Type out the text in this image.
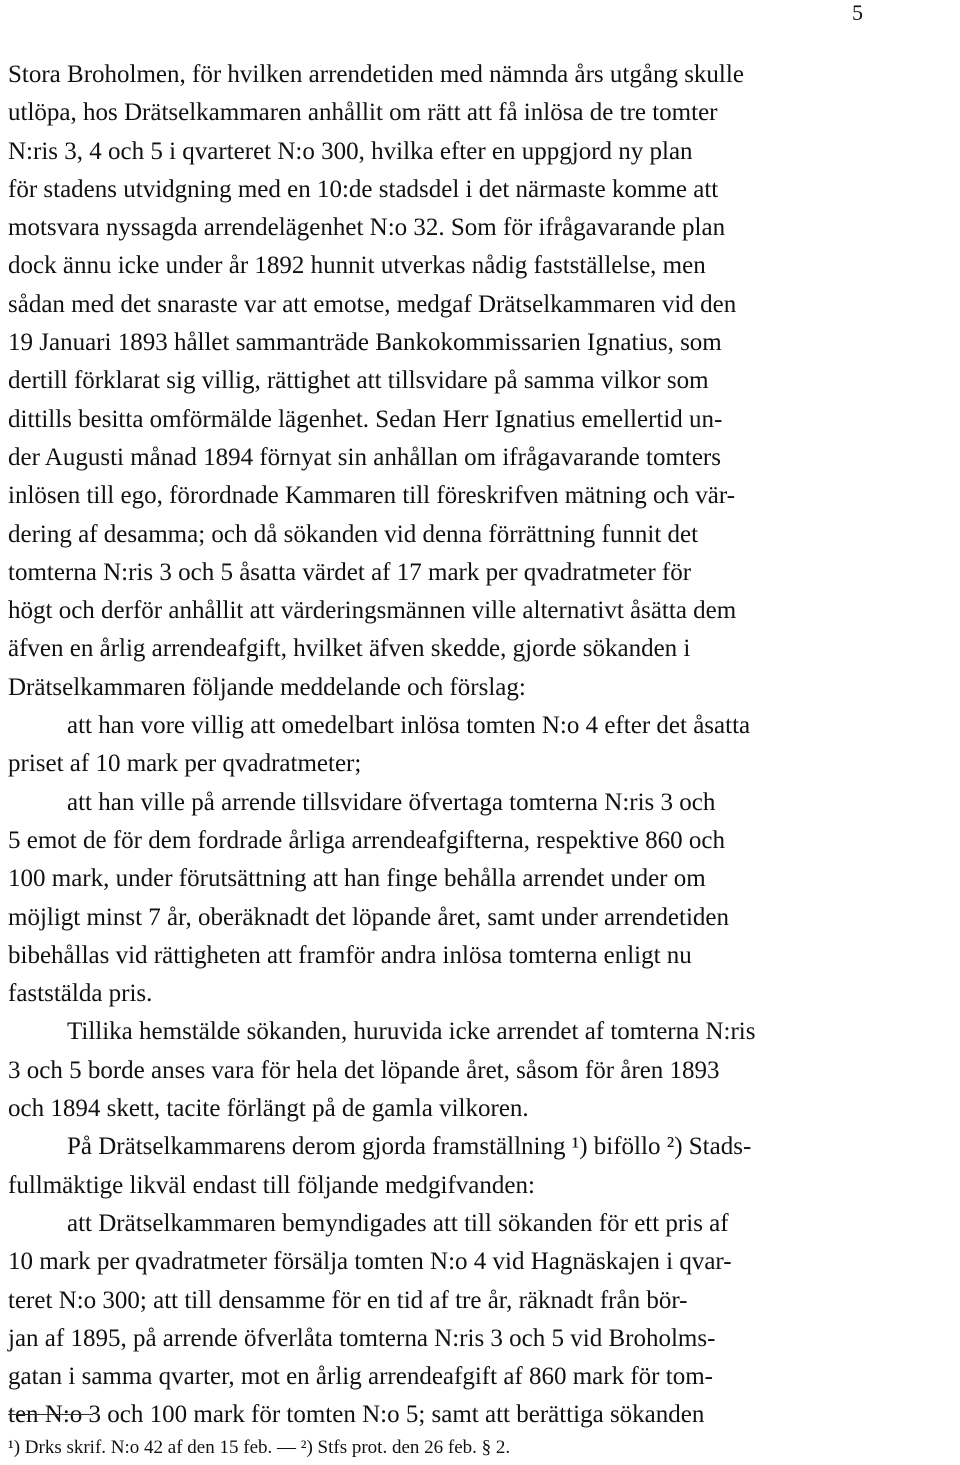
5
Stora Broholmen, för hvilken arrendetiden med nämnda års utgång skulle
utlöpa, hos Drätselkammaren anhållit om rätt att få inlösa de tre tomter
N:ris 3, 4 och 5 i qvarteret N:o 300, hvilka efter en uppgjord ny plan
för stadens utvidgning med en 10:de stadsdel i det närmaste komme att
motsvara nyssagda arrendelägenhet N:o 32. Som för ifrågavarande plan
dock ännu icke under år 1892 hunnit utverkas nådig fastställelse, men
sådan med det snaraste var att emotse, medgaf Drätselkammaren vid den
19 Januari 1893 hållet sammanträde Bankokommissarien Ignatius, som
dertill förklarat sig villig, rättighet att tillsvidare på samma vilkor som
dittills besitta omförmälde lägenhet. Sedan Herr Ignatius emellertid un-
der Augusti månad 1894 förnyat sin anhållan om ifrågavarande tomters
inlösen till ego, förordnade Kammaren till föreskrifven mätning och vär-
dering af desamma; och då sökanden vid denna förrättning funnit det
tomterna N:ris 3 och 5 åsatta värdet af 17 mark per qvadratmeter för
högt och derför anhållit att värderingsmännen ville alternativt åsätta dem
äfven en årlig arrendeafgift, hvilket äfven skedde, gjorde sökanden i
Drätselkammaren följande meddelande och förslag:
att han vore villig att omedelbart inlösa tomten N:o 4 efter det åsatta
priset af 10 mark per qvadratmeter;
att han ville på arrende tillsvidare öfvertaga tomterna N:ris 3 och
5 emot de för dem fordrade årliga arrendeafgifterna, respektive 860 och
100 mark, under förutsättning att han finge behålla arrendet under om
möjligt minst 7 år, oberäknadt det löpande året, samt under arrendetiden
bibehållas vid rättigheten att framför andra inlösa tomterna enligt nu
faststälda pris.
Tillika hemstälde sökanden, huruvida icke arrendet af tomterna N:ris
3 och 5 borde anses vara för hela det löpande året, såsom för åren 1893
och 1894 skett, tacite förlängt på de gamla vilkoren.
På Drätselkammarens derom gjorda framställning ¹) biföllo ²) Stads-
fullmäktige likväl endast till följande medgifvanden:
att Drätselkammaren bemyndigades att till sökanden för ett pris af
10 mark per qvadratmeter försälja tomten N:o 4 vid Hagnäskajen i qvar-
teret N:o 300; att till densamme för en tid af tre år, räknadt från bör-
jan af 1895, på arrende öfverlåta tomterna N:ris 3 och 5 vid Broholms-
gatan i samma qvarter, mot en årlig arrendeafgift af 860 mark för tom-
ten N:o 3 och 100 mark för tomten N:o 5; samt att berättiga sökanden
¹) Drks skrif. N:o 42 af den 15 feb. — ²) Stfs prot. den 26 feb. § 2.
